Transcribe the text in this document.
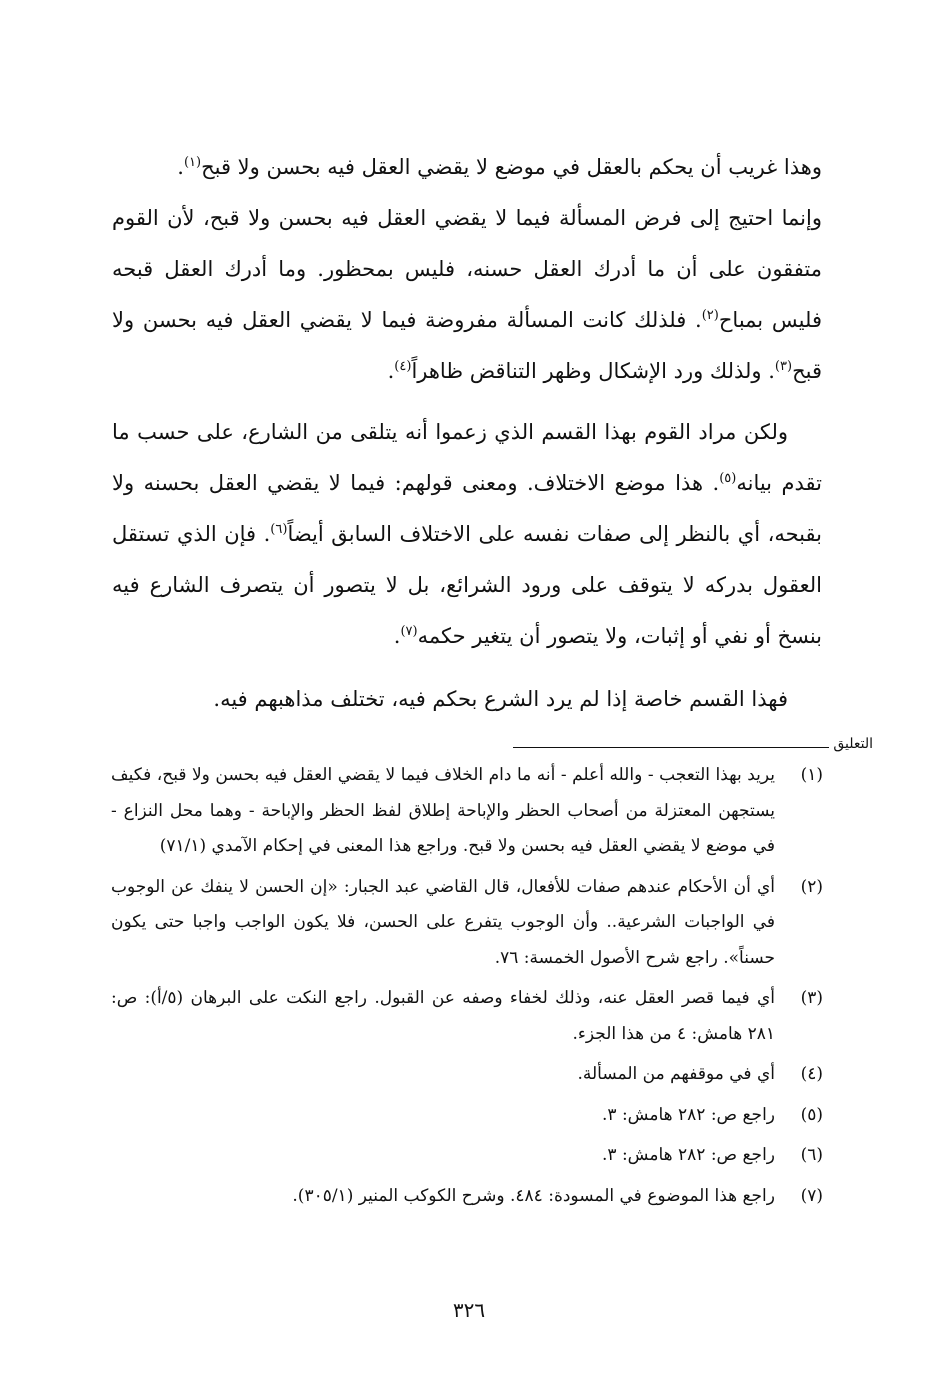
وهذا غريب أن يحكم بالعقل في موضع لا يقضي العقل فيه بحسن ولا قبح$^{(١)}$.

وإنما احتيج إلى فرض المسألة فيما لا يقضي العقل فيه بحسن ولا قبح، لأن القوم متفقون على أن ما أدرك العقل حسنه، فليس بمحظور. وما أدرك العقل قبحه فليس بمباح$^{(٢)}$. فلذلك كانت المسألة مفروضة فيما لا يقضي العقل فيه بحسن ولا قبح$^{(٣)}$. ولذلك ورد الإشكال وظهر التناقض ظاهراً$^{(٤)}$.

ولكن مراد القوم بهذا القسم الذي زعموا أنه يتلقى من الشارع، على حسب ما تقدم بيانه$^{(٥)}$. هذا موضع الاختلاف. ومعنى قولهم: فيما لا يقضي العقل بحسنه ولا بقبحه، أي بالنظر إلى صفات نفسه على الاختلاف السابق أيضاً$^{(٦)}$. فإن الذي تستقل العقول بدركه لا يتوقف على ورود الشرائع، بل لا يتصور أن يتصرف الشارع فيه بنسخ أو نفي أو إثبات، ولا يتصور أن يتغير حكمه$^{(٧)}$.

فهذا القسم خاصة إذا لم يرد الشرع بحكم فيه، تختلف مذاهبهم فيه.

التعليق
(١)
يريد بهذا التعجب - والله أعلم - أنه ما دام الخلاف فيما لا يقضي العقل فيه بحسن ولا قبح، فكيف يستجهن المعتزلة من أصحاب الحظر والإباحة إطلاق لفظ الحظر والإباحة - وهما محل النزاع - في موضع لا يقضي العقل فيه بحسن ولا قبح. وراجع هذا المعنى في إحكام الآمدي (٧١/١)
(٢)
أي أن الأحكام عندهم صفات للأفعال، قال القاضي عبد الجبار: «إن الحسن لا ينفك عن الوجوب في الواجبات الشرعية.. وأن الوجوب يتفرع على الحسن، فلا يكون الواجب واجبا حتى يكون حسناً». راجع شرح الأصول الخمسة: ٧٦.
(٣)
أي فيما قصر العقل عنه، وذلك لخفاء وصفه عن القبول. راجع النكت على البرهان (٥/أ): ص: ٢٨١ هامش: ٤ من هذا الجزء.
(٤)
أي في موقفهم من المسألة.
(٥)
راجع ص: ٢٨٢ هامش: ٣.
(٦)
راجع ص: ٢٨٢ هامش: ٣.
(٧)
راجع هذا الموضوع في المسودة: ٤٨٤. وشرح الكوكب المنير (٣٠٥/١).
٣٢٦
